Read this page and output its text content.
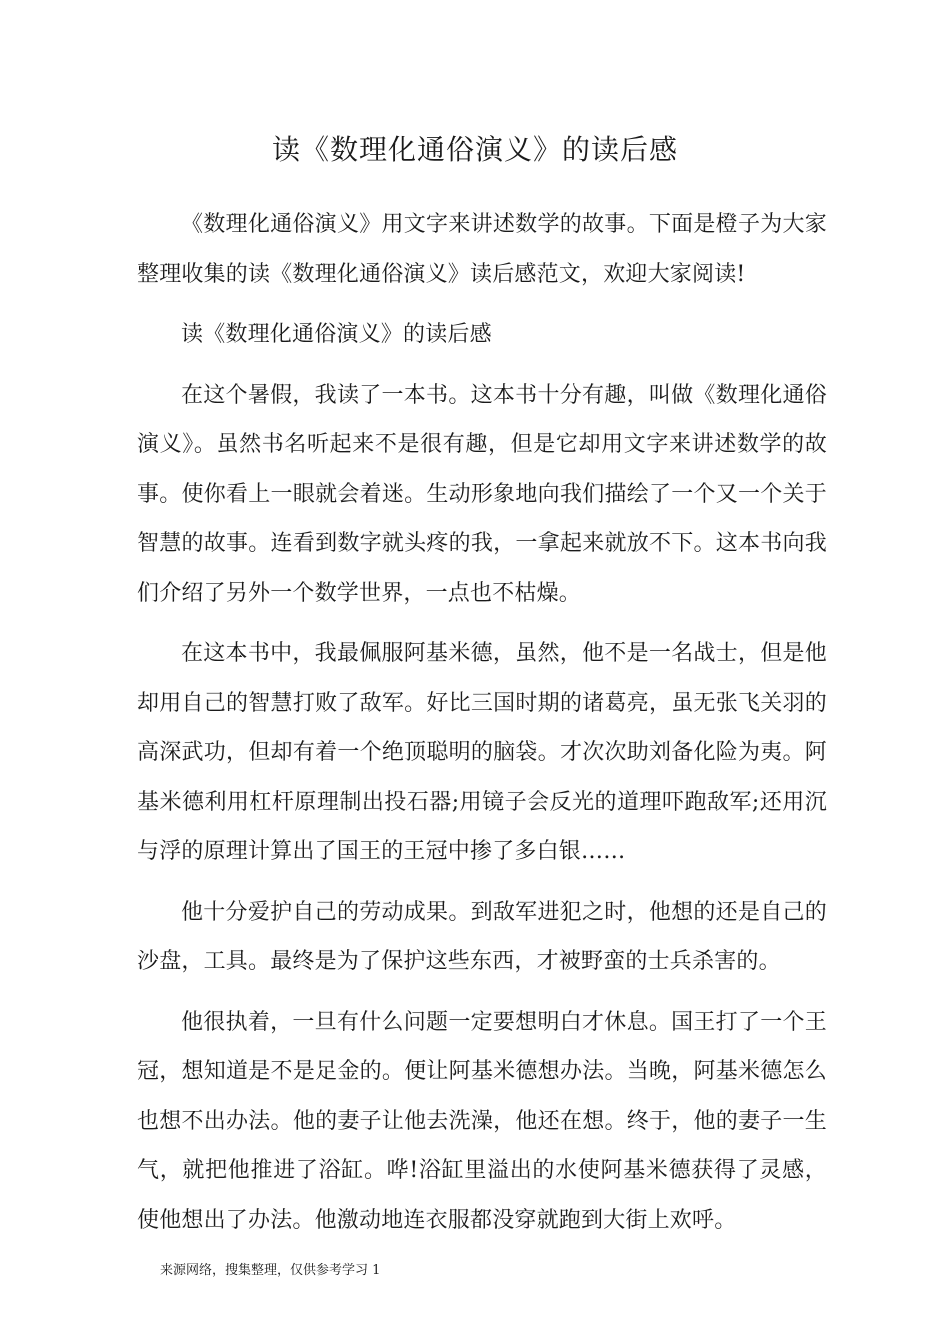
读《数理化通俗演义》的读后感

《数理化通俗演义》用文字来讲述数学的故事。下面是橙子为大家整理收集的读《数理化通俗演义》读后感范文，欢迎大家阅读!

读《数理化通俗演义》的读后感

在这个暑假，我读了一本书。这本书十分有趣，叫做《数理化通俗演义》。虽然书名听起来不是很有趣，但是它却用文字来讲述数学的故事。使你看上一眼就会着迷。生动形象地向我们描绘了一个又一个关于智慧的故事。连看到数字就头疼的我，一拿起来就放不下。这本书向我们介绍了另外一个数学世界，一点也不枯燥。

在这本书中，我最佩服阿基米德，虽然，他不是一名战士，但是他却用自己的智慧打败了敌军。好比三国时期的诸葛亮，虽无张飞关羽的高深武功，但却有着一个绝顶聪明的脑袋。才次次助刘备化险为夷。阿基米德利用杠杆原理制出投石器;用镜子会反光的道理吓跑敌军;还用沉与浮的原理计算出了国王的王冠中掺了多白银……

他十分爱护自己的劳动成果。到敌军进犯之时，他想的还是自己的沙盘，工具。最终是为了保护这些东西，才被野蛮的士兵杀害的。

他很执着，一旦有什么问题一定要想明白才休息。国王打了一个王冠，想知道是不是足金的。便让阿基米德想办法。当晚，阿基米德怎么也想不出办法。他的妻子让他去洗澡，他还在想。终于，他的妻子一生气，就把他推进了浴缸。哗!浴缸里溢出的水使阿基米德获得了灵感，使他想出了办法。他激动地连衣服都没穿就跑到大街上欢呼。

来源网络，搜集整理，仅供参考学习 1
